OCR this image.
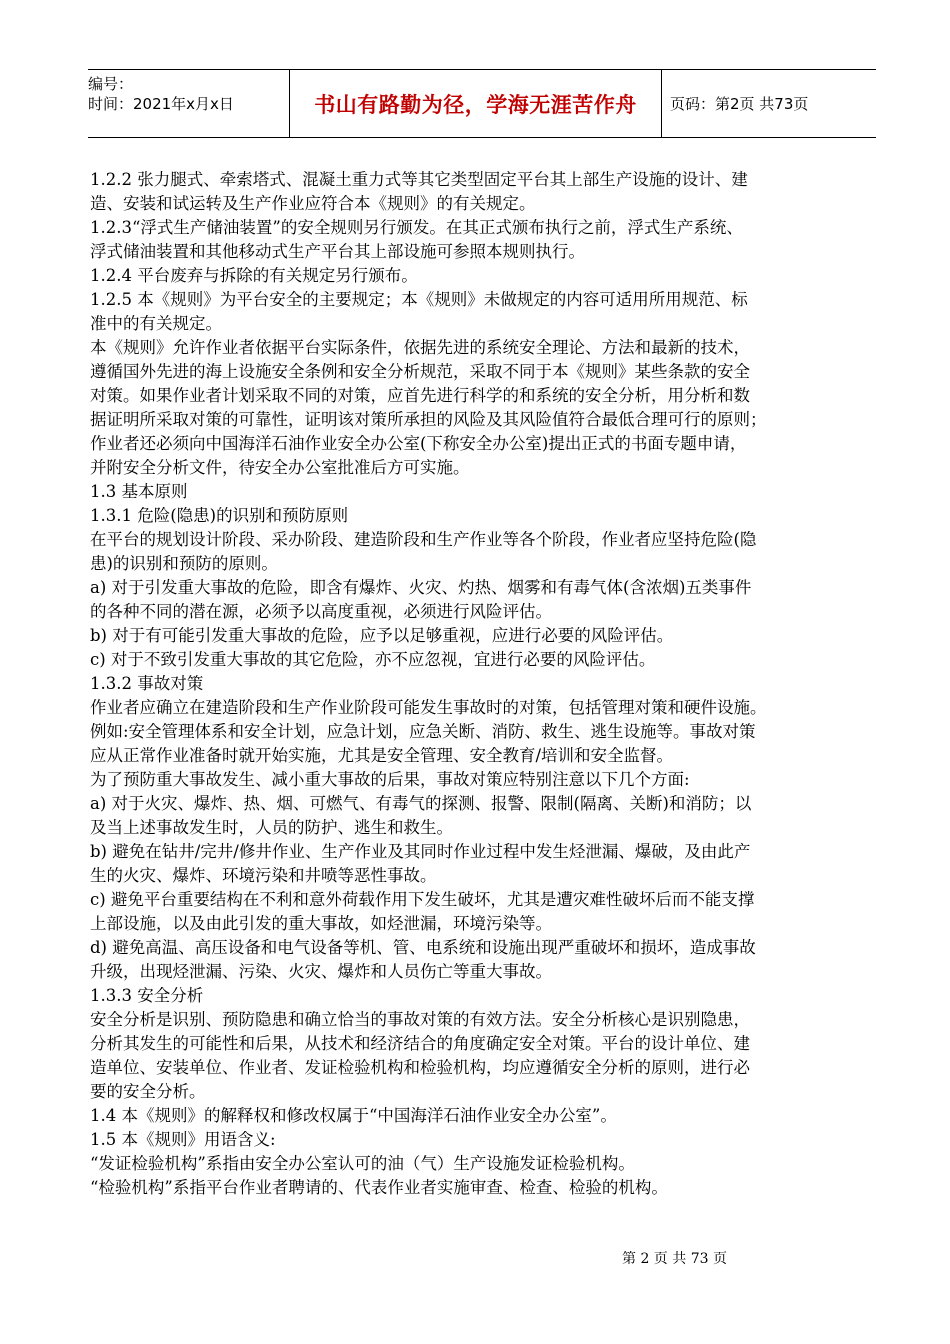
编号：
时间：2021年x月x日	书山有路勤为径，学海无涯苦作舟	页码：第2页 共73页
1.2.2 张力腿式、牵索塔式、混凝土重力式等其它类型固定平台其上部生产设施的设计、建
造、安装和试运转及生产作业应符合本《规则》的有关规定。
1.2.3“浮式生产储油装置”的安全规则另行颁发。在其正式颁布执行之前，浮式生产系统、
浮式储油装置和其他移动式生产平台其上部设施可参照本规则执行。
1.2.4 平台废弃与拆除的有关规定另行颁布。
1.2.5 本《规则》为平台安全的主要规定；本《规则》未做规定的内容可适用所用规范、标
准中的有关规定。
本《规则》允许作业者依据平台实际条件，依据先进的系统安全理论、方法和最新的技术，
遵循国外先进的海上设施安全条例和安全分析规范，采取不同于本《规则》某些条款的安全
对策。如果作业者计划采取不同的对策，应首先进行科学的和系统的安全分析，用分析和数
据证明所采取对策的可靠性，证明该对策所承担的风险及其风险值符合最低合理可行的原则；
作业者还必须向中国海洋石油作业安全办公室(下称安全办公室)提出正式的书面专题申请，
并附安全分析文件，待安全办公室批准后方可实施。
1.3 基本原则
1.3.1 危险(隐患)的识别和预防原则
在平台的规划设计阶段、采办阶段、建造阶段和生产作业等各个阶段，作业者应坚持危险(隐
患)的识别和预防的原则。
a) 对于引发重大事故的危险，即含有爆炸、火灾、灼热、烟雾和有毒气体(含浓烟)五类事件
的各种不同的潜在源，必须予以高度重视，必须进行风险评估。
b) 对于有可能引发重大事故的危险，应予以足够重视，应进行必要的风险评估。
c) 对于不致引发重大事故的其它危险，亦不应忽视，宜进行必要的风险评估。
1.3.2 事故对策
作业者应确立在建造阶段和生产作业阶段可能发生事故时的对策，包括管理对策和硬件设施。
例如:安全管理体系和安全计划，应急计划，应急关断、消防、救生、逃生设施等。事故对策
应从正常作业准备时就开始实施，尤其是安全管理、安全教育/培训和安全监督。
为了预防重大事故发生、减小重大事故的后果，事故对策应特别注意以下几个方面:
a) 对于火灾、爆炸、热、烟、可燃气、有毒气的探测、报警、限制(隔离、关断)和消防；以
及当上述事故发生时，人员的防护、逃生和救生。
b) 避免在钻井/完井/修井作业、生产作业及其同时作业过程中发生烃泄漏、爆破，及由此产
生的火灾、爆炸、环境污染和井喷等恶性事故。
c) 避免平台重要结构在不利和意外荷载作用下发生破坏，尤其是遭灾难性破坏后而不能支撑
上部设施，以及由此引发的重大事故，如烃泄漏，环境污染等。
d) 避免高温、高压设备和电气设备等机、管、电系统和设施出现严重破坏和损坏，造成事故
升级，出现烃泄漏、污染、火灾、爆炸和人员伤亡等重大事故。
1.3.3 安全分析
安全分析是识别、预防隐患和确立恰当的事故对策的有效方法。安全分析核心是识别隐患，
分析其发生的可能性和后果，从技术和经济结合的角度确定安全对策。平台的设计单位、建
造单位、安装单位、作业者、发证检验机构和检验机构，均应遵循安全分析的原则，进行必
要的安全分析。
1.4 本《规则》的解释权和修改权属于“中国海洋石油作业安全办公室”。
1.5 本《规则》用语含义:
“发证检验机构”系指由安全办公室认可的油（气）生产设施发证检验机构。
“检验机构”系指平台作业者聘请的、代表作业者实施审查、检查、检验的机构。
第 2 页 共 73 页
